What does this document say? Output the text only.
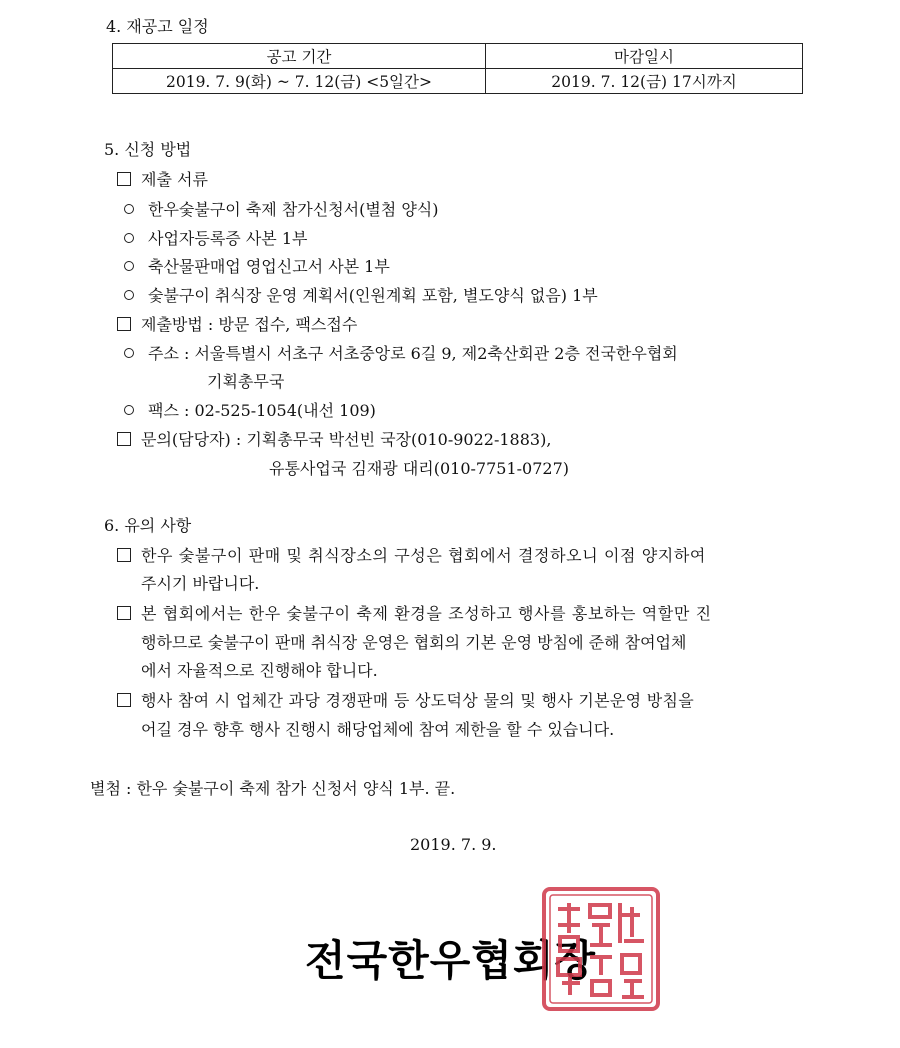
4. 재공고 일정
공고 기간	마감일시
2019. 7. 9(화) ~ 7. 12(금) <5일간>	2019. 7. 12(금) 17시까지
5. 신청 방법
제출 서류
한우숯불구이 축제 참가신청서(별첨 양식)
사업자등록증 사본 1부
축산물판매업 영업신고서 사본 1부
숯불구이 취식장 운영 계획서(인원계획 포함, 별도양식 없음) 1부
제출방법 : 방문 접수, 팩스접수
주소 : 서울특별시 서초구 서초중앙로 6길 9, 제2축산회관 2층 전국한우협회
기획총무국
팩스 : 02-525-1054(내선 109)
문의(담당자) : 기획총무국 박선빈 국장(010-9022-1883),
유통사업국 김재광 대리(010-7751-0727)
6. 유의 사항
한우 숯불구이 판매 및 취식장소의 구성은 협회에서 결정하오니 이점 양지하여
주시기 바랍니다.
본 협회에서는 한우 숯불구이 축제 환경을 조성하고 행사를 홍보하는 역할만 진
행하므로 숯불구이 판매 취식장 운영은 협회의 기본 운영 방침에 준해 참여업체
에서 자율적으로 진행해야 합니다.
행사 참여 시 업체간 과당 경쟁판매 등 상도덕상 물의 및 행사 기본운영 방침을
어길 경우 향후 행사 진행시 해당업체에 참여 제한을 할 수 있습니다.
별첨 : 한우 숯불구이 축제 참가 신청서 양식 1부. 끝.
2019. 7. 9.
전국한우협회장
